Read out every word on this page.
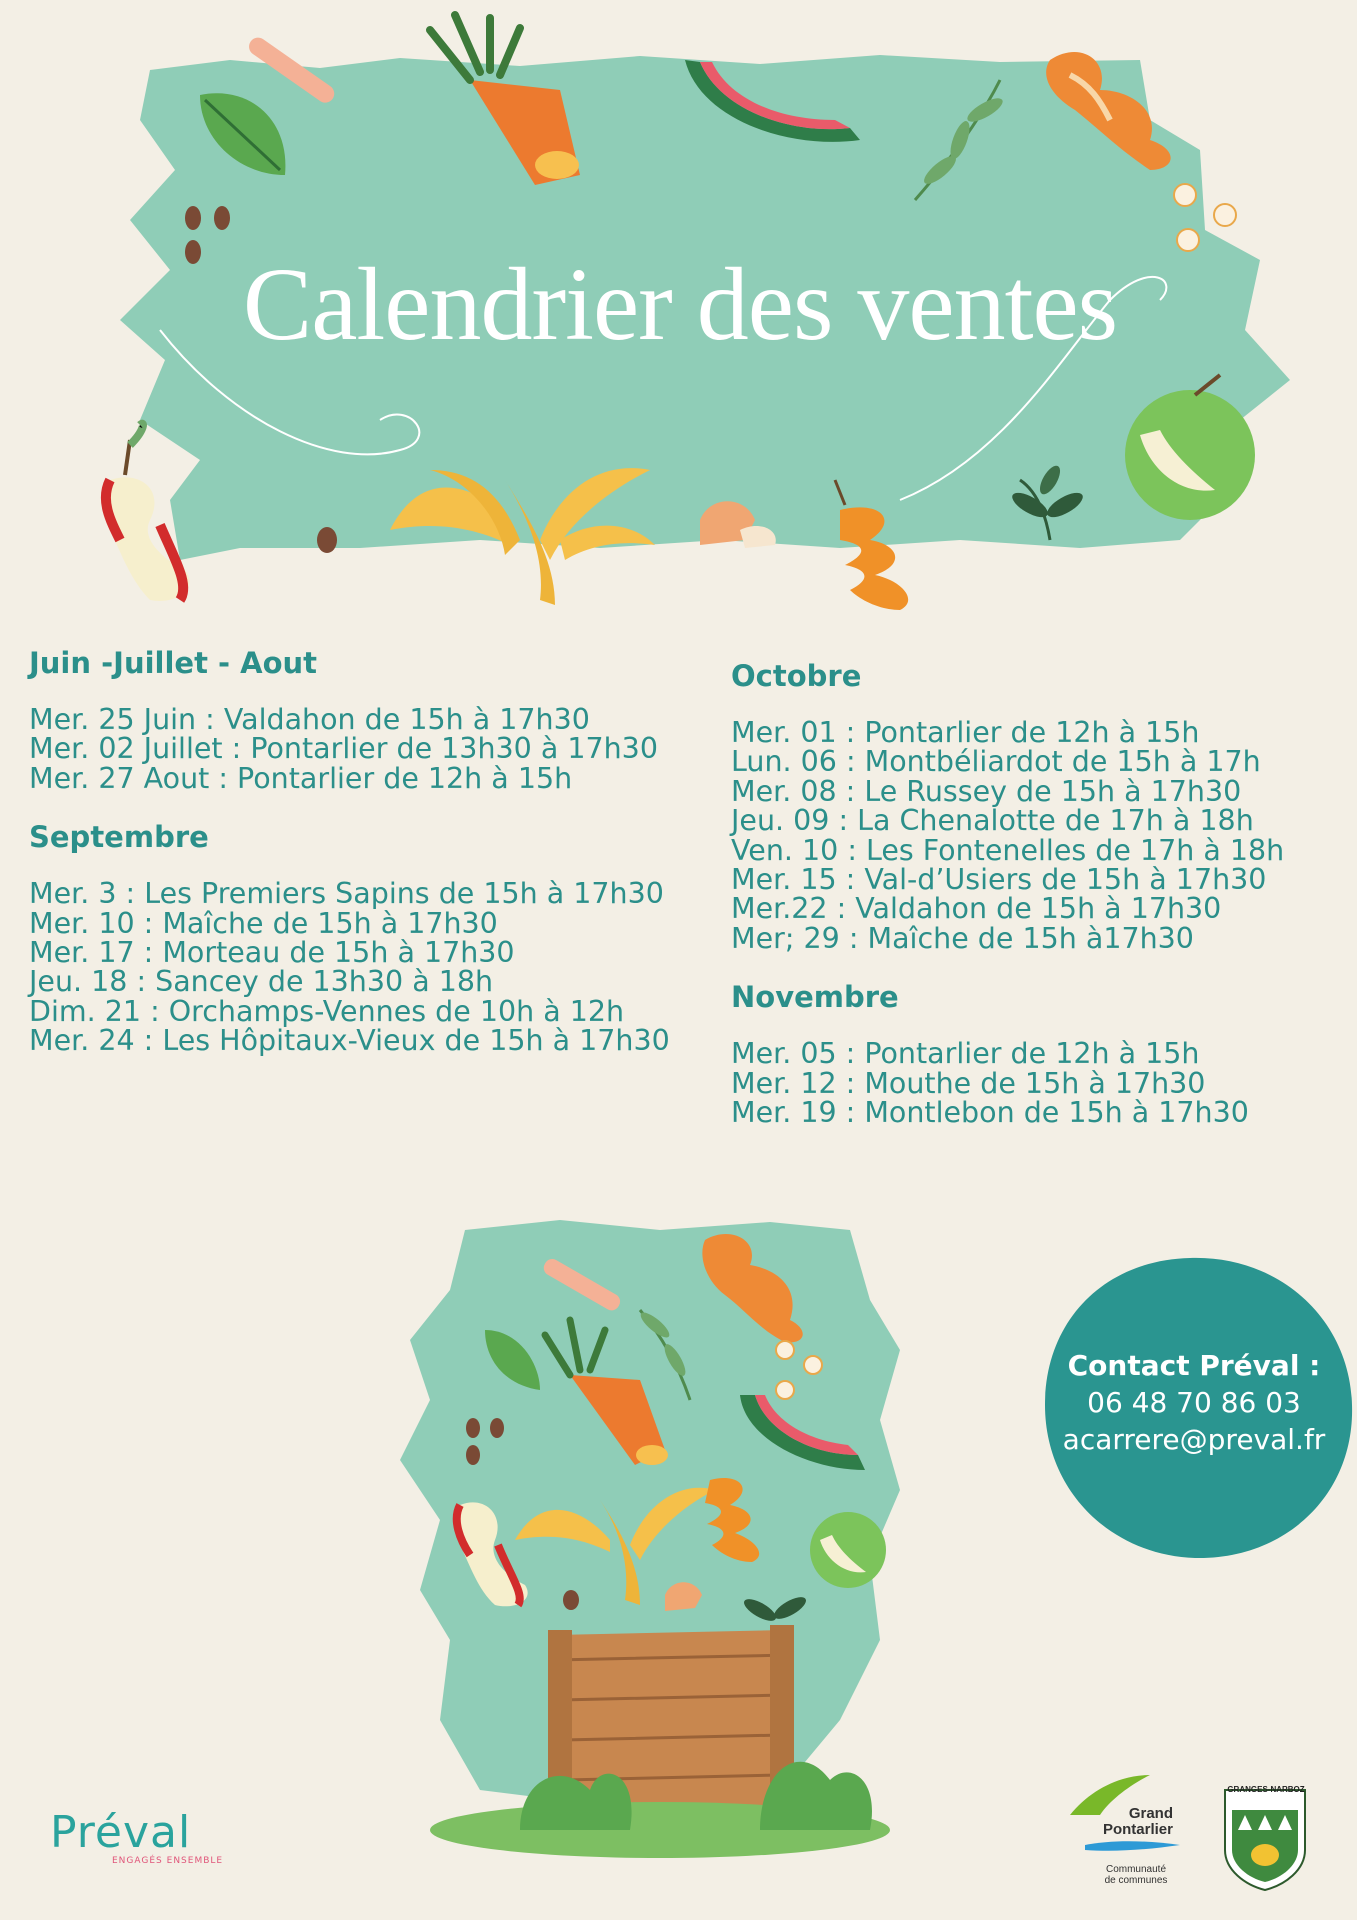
Calendrier des ventes
Juin -Juillet - Aout
Mer. 25 Juin : Valdahon de 15h à 17h30
Mer. 02 Juillet : Pontarlier de 13h30 à 17h30
Mer. 27 Aout : Pontarlier de 12h à 15h
Septembre
Mer. 3 : Les Premiers Sapins de 15h à 17h30
Mer. 10 : Maîche de 15h à 17h30
Mer. 17 : Morteau de 15h à 17h30
Jeu. 18 : Sancey de 13h30 à 18h
Dim. 21 : Orchamps-Vennes de 10h à 12h
Mer. 24 : Les Hôpitaux-Vieux de 15h à 17h30
Octobre
Mer. 01 : Pontarlier de 12h à 15h
Lun. 06 : Montbéliardot de 15h à 17h
Mer. 08 : Le Russey de 15h à 17h30
Jeu. 09 : La Chenalotte de 17h à 18h
Ven. 10 : Les Fontenelles de 17h à 18h
Mer. 15 : Val-d’Usiers de 15h à 17h30
Mer.22 : Valdahon de 15h à 17h30
Mer; 29 : Maîche de 15h à17h30
Novembre
Mer. 05 : Pontarlier de 12h à 15h
Mer. 12 : Mouthe de 15h à 17h30
Mer. 19 : Montlebon de 15h à 17h30
Contact Préval :
06 48 70 86 03
acarrere@preval.fr
Préval
ENGAGÉS ENSEMBLE
Grand Pontarlier
Communauté de communes
GRANGES-NARBOZ
